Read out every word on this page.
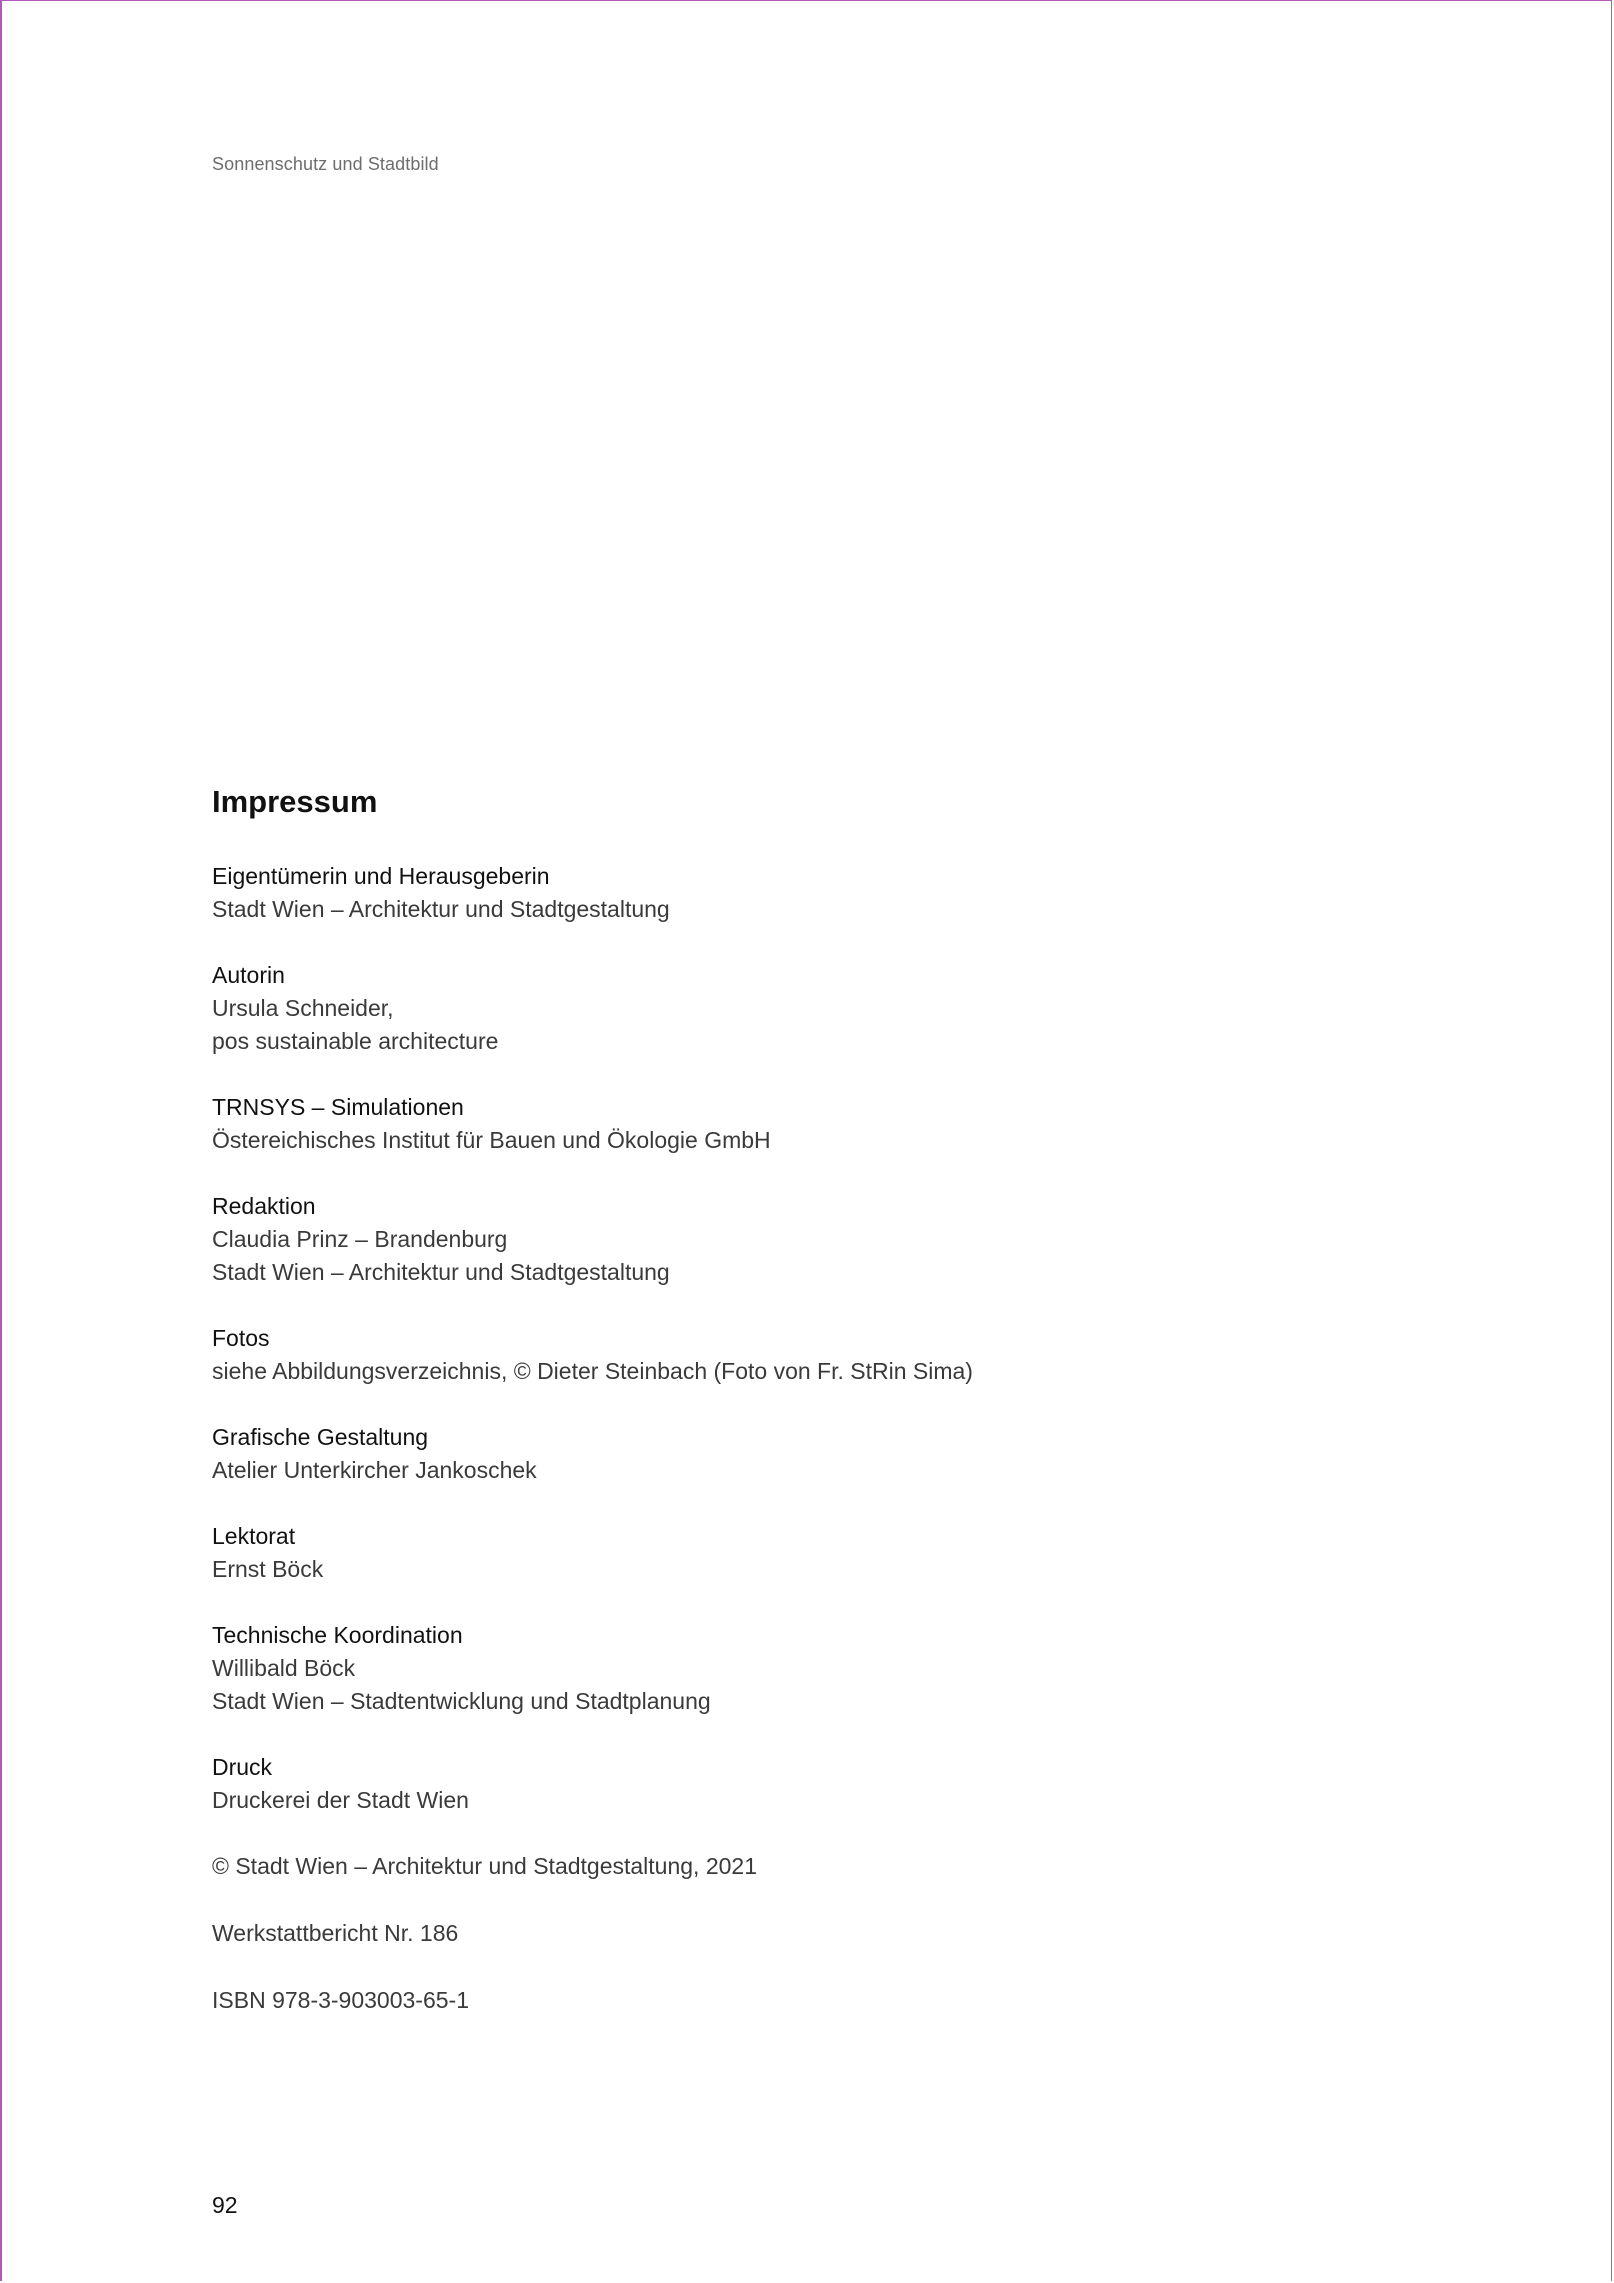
Sonnenschutz und Stadtbild
Impressum
Eigentümerin und Herausgeberin
Stadt Wien – Architektur und Stadtgestaltung
Autorin
Ursula Schneider,
pos sustainable architecture
TRNSYS – Simulationen
Östereichisches Institut für Bauen und Ökologie GmbH
Redaktion
Claudia Prinz – Brandenburg
Stadt Wien – Architektur und Stadtgestaltung
Fotos
siehe Abbildungsverzeichnis, © Dieter Steinbach (Foto von Fr. StRin Sima)
Grafische Gestaltung
Atelier Unterkircher Jankoschek
Lektorat
Ernst Böck
Technische Koordination
Willibald Böck
Stadt Wien – Stadtentwicklung und Stadtplanung
Druck
Druckerei der Stadt Wien
© Stadt Wien – Architektur und Stadtgestaltung, 2021
Werkstattbericht Nr. 186
ISBN 978-3-903003-65-1
92
